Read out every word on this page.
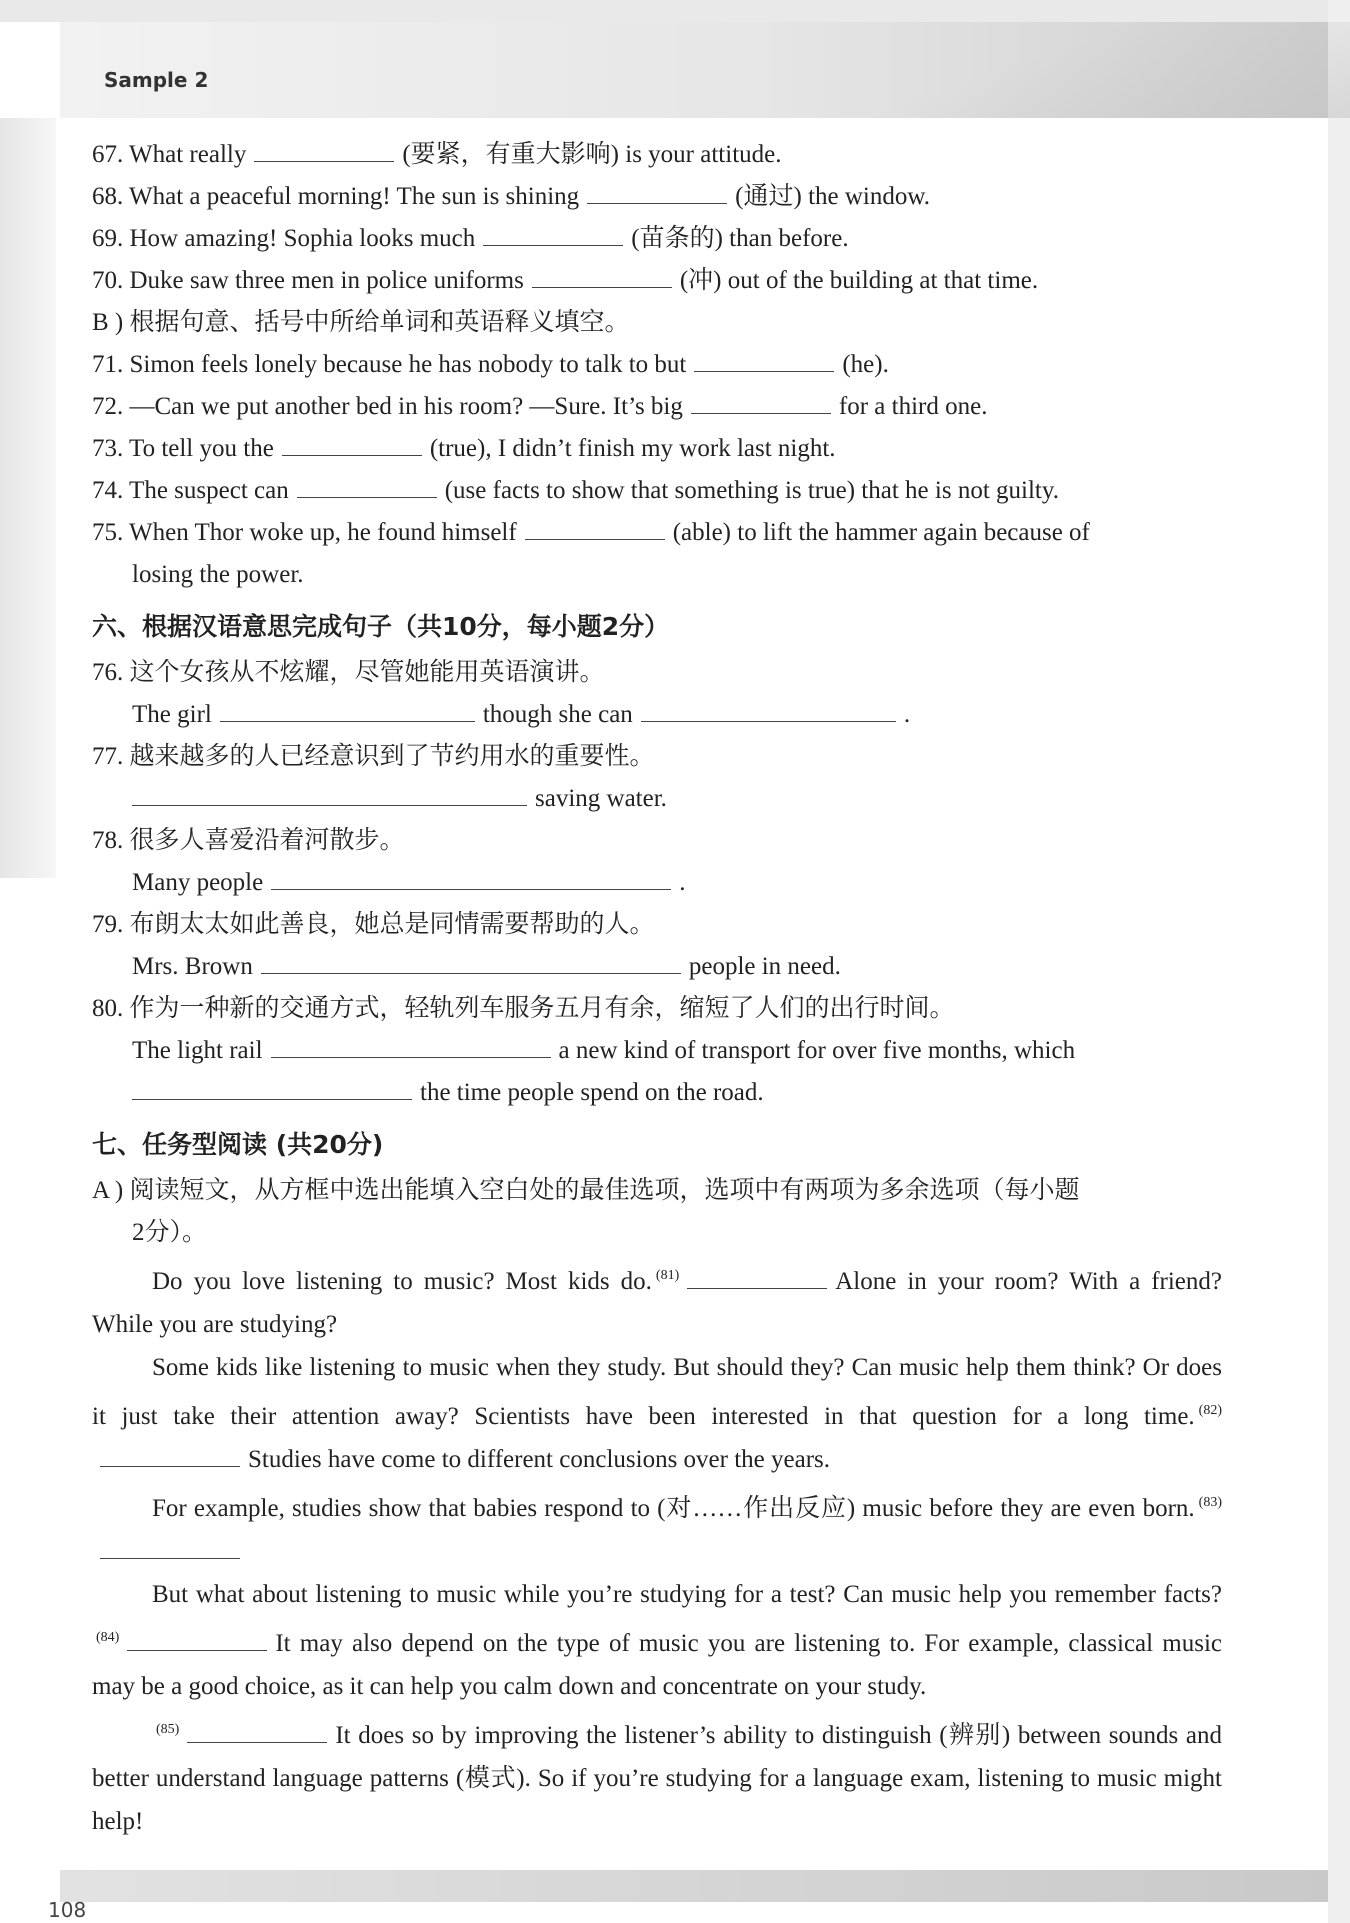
Sample 2
67. What really	(要紧，有重大影响) is your attitude.
68. What a peaceful morning! The sun is shining	(通过) the window.
69. How amazing! Sophia looks much	(苗条的) than before.
70. Duke saw three men in police uniforms	(冲) out of the building at that time.
B ) 根据句意、括号中所给单词和英语释义填空。
71. Simon feels lonely because he has nobody to talk to but	(he).
72. —Can we put another bed in his room? —Sure. It’s big	for a third one.
73. To tell you the	(true), I didn’t finish my work last night.
74. The suspect can	(use facts to show that something is true) that he is not guilty.
75. When Thor woke up, he found himself	(able) to lift the hammer again because of
losing the power.
六、根据汉语意思完成句子（共10分，每小题2分）
76. 这个女孩从不炫耀，尽管她能用英语演讲。
The girl	though she can	.
77. 越来越多的人已经意识到了节约用水的重要性。
saving water.
78. 很多人喜爱沿着河散步。
Many people	.
79. 布朗太太如此善良，她总是同情需要帮助的人。
Mrs. Brown	people in need.
80. 作为一种新的交通方式，轻轨列车服务五月有余，缩短了人们的出行时间。
The light rail	a new kind of transport for over five months, which
the time people spend on the road.
七、任务型阅读 (共20分)
A ) 阅读短文，从方框中选出能填入空白处的最佳选项，选项中有两项为多余选项（每小题
2分）。
Do you love listening to music? Most kids do. $^{(81)}$	Alone in your room? With a friend? While you are studying?
Some kids like listening to music when they study. But should they? Can music help them think? Or does it just take their attention away? Scientists have been interested in that question for a long time. $^{(82)}$Studies have come to different conclusions over the years.
For example, studies show that babies respond to (对……作出反应) music before they are even born. $^{(83)}$
But what about listening to music while you’re studying for a test? Can music help you remember facts?$^{(84)}$	It may also depend on the type of music you are listening to. For example, classical music may be a good choice, as it can help you calm down and concentrate on your study.
$^{(85)}$	It does so by improving the listener’s ability to distinguish (辨别) between sounds and better understand language patterns (模式). So if you’re studying for a language exam, listening to music might help!
108
